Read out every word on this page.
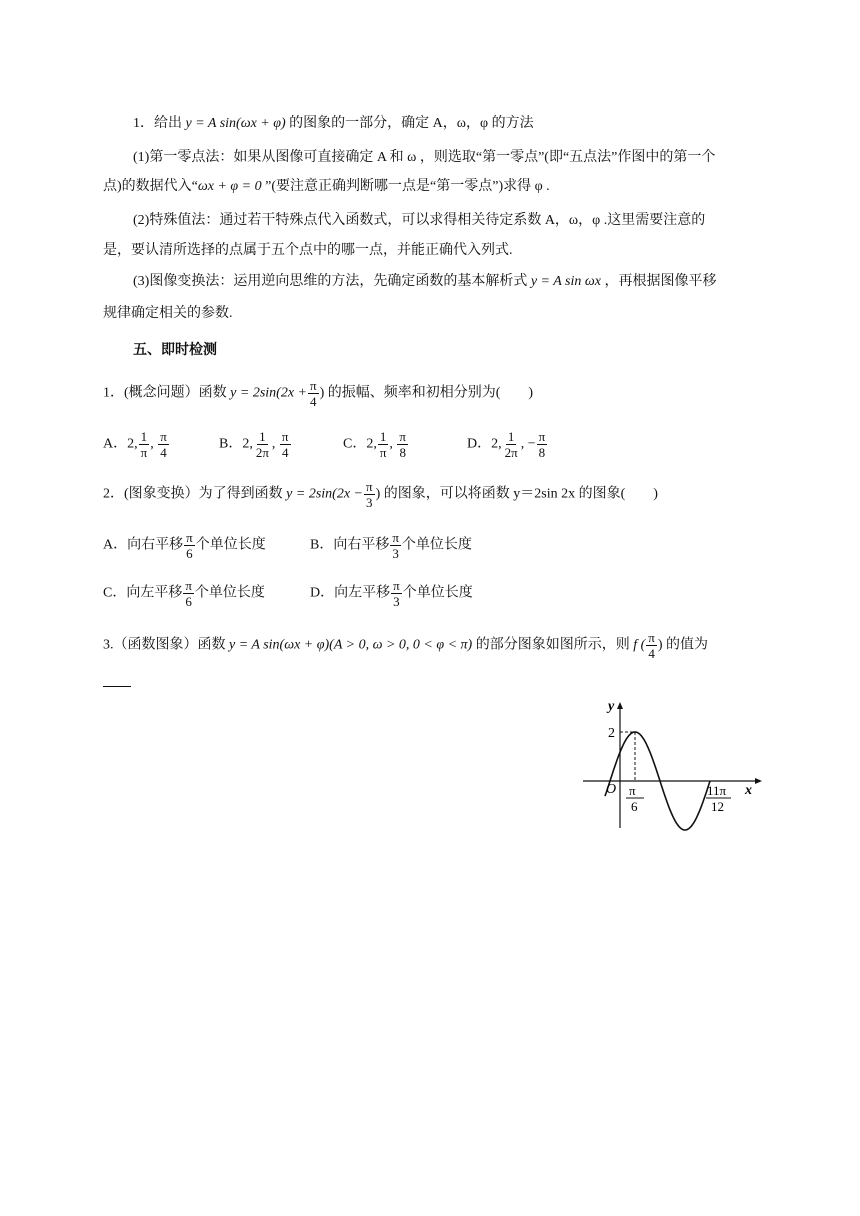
1．给出 y = A sin(ωx + φ) 的图象的一部分，确定 A，ω，φ 的方法
(1)第一零点法：如果从图像可直接确定 A 和 ω ，则选取“第一零点”(即“五点法”作图中的第一个
点)的数据代入“ωx + φ = 0 ”(要注意正确判断哪一点是“第一零点”)求得 φ .
(2)特殊值法：通过若干特殊点代入函数式，可以求得相关待定系数 A，ω，φ .这里需要注意的
是，要认清所选择的点属于五个点中的哪一点，并能正确代入列式.
(3)图像变换法：运用逆向思维的方法，先确定函数的基本解析式 y = A sin ωx ，再根据图像平移
规律确定相关的参数.
五、即时检测
1．(概念问题）函数 $y = 2\sin(2x + \frac{\pi}{4}$ ) 的振幅、频率和初相分别为(　　)
A．2, $\frac{1}{\pi}$ , $\frac{\pi}{4}$	B．2, $\frac{1}{2\pi}$ , $\frac{\pi}{4}$	C．2, $\frac{1}{\pi}$ , $\frac{\pi}{8}$	D．2, $\frac{1}{2\pi}$ , − $\frac{\pi}{8}$
2．(图象变换）为了得到函数 $y = 2\sin(2x - \frac{\pi}{3}$ ) 的图象，可以将函数 y＝2sin 2x 的图象(　　)
A．向右平移 $\frac{\pi}{6}$ 个单位长度	B．向右平移 $\frac{\pi}{3}$ 个单位长度
C．向左平移 $\frac{\pi}{6}$ 个单位长度	D．向左平移 $\frac{\pi}{3}$ 个单位长度
3.（函数图象）函数 y = A sin(ωx + φ)(A > 0, ω > 0, 0 < φ < π) 的部分图象如图所示，则 f ( $\frac{\pi}{4}$ ) 的值为
y
x
O
2
π
6
11π
12
